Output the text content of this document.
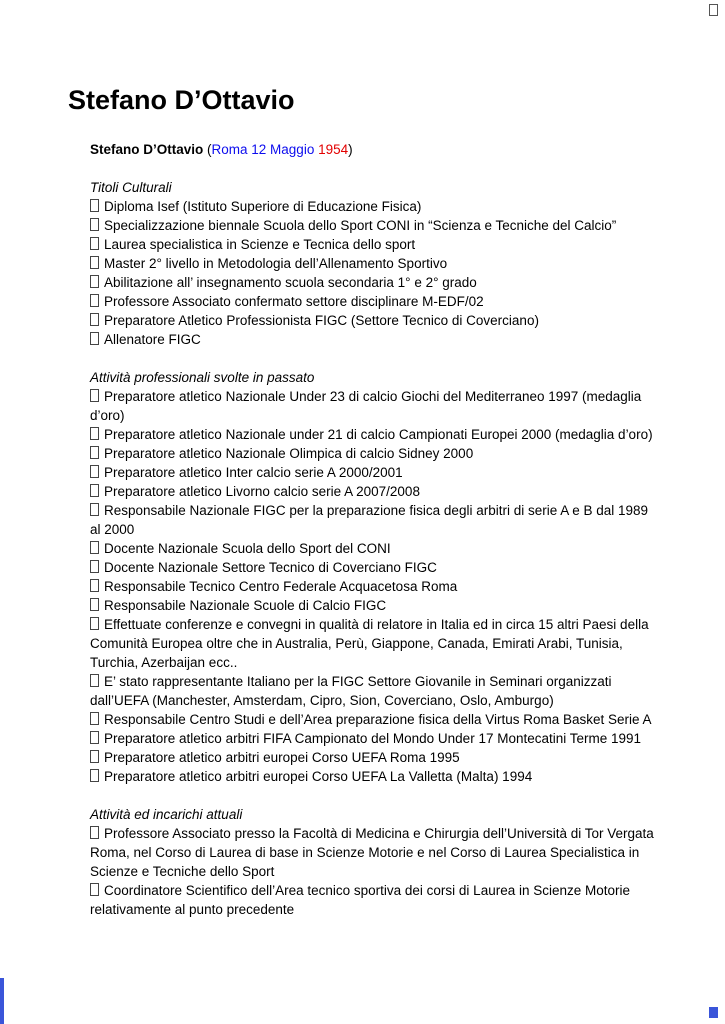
Stefano D’Ottavio

Stefano D’Ottavio (Roma 12 Maggio 1954)

Titoli Culturali

Diploma Isef (Istituto Superiore di Educazione Fisica)
Specializzazione biennale Scuola dello Sport CONI in “Scienza e Tecniche del Calcio”
Laurea specialistica in Scienze e Tecnica dello sport
Master 2° livello in Metodologia dell’Allenamento Sportivo
Abilitazione all’ insegnamento scuola secondaria 1° e 2° grado
Professore Associato confermato settore disciplinare M-EDF/02
Preparatore Atletico Professionista FIGC (Settore Tecnico di Coverciano)
Allenatore FIGC

Attività professionali svolte in passato

Preparatore atletico Nazionale Under 23 di calcio Giochi del Mediterraneo 1997 (medaglia d’oro)
Preparatore atletico Nazionale under 21 di calcio Campionati Europei 2000 (medaglia d’oro)
Preparatore atletico Nazionale Olimpica di calcio Sidney 2000
Preparatore atletico Inter calcio serie A 2000/2001
Preparatore atletico Livorno calcio serie A 2007/2008
Responsabile Nazionale FIGC per la preparazione fisica degli arbitri di serie A e B dal 1989
al 2000
Docente Nazionale Scuola dello Sport del CONI
Docente Nazionale Settore Tecnico di Coverciano FIGC
Responsabile Tecnico Centro Federale Acquacetosa Roma
Responsabile Nazionale Scuole di Calcio FIGC
Effettuate conferenze e convegni in qualità di relatore in Italia ed in circa 15 altri Paesi della Comunità Europea oltre che in Australia, Perù, Giappone, Canada, Emirati Arabi, Tunisia, Turchia, Azerbaijan ecc..
E’ stato rappresentante Italiano per la FIGC Settore Giovanile in Seminari organizzati dall’UEFA (Manchester, Amsterdam, Cipro, Sion, Coverciano, Oslo, Amburgo)
Responsabile Centro Studi e dell’Area preparazione fisica della Virtus Roma Basket Serie A
Preparatore atletico arbitri FIFA Campionato del Mondo Under 17 Montecatini Terme 1991
Preparatore atletico arbitri europei Corso UEFA Roma 1995
Preparatore atletico arbitri europei Corso UEFA La Valletta (Malta) 1994

Attività ed incarichi attuali

Professore Associato presso la Facoltà di Medicina e Chirurgia dell’Università di Tor Vergata Roma, nel Corso di Laurea di base in Scienze Motorie e nel Corso di Laurea Specialistica in Scienze e Tecniche dello Sport
Coordinatore Scientifico dell’Area tecnico sportiva dei corsi di Laurea in Scienze Motorie
relativamente al punto precedente
